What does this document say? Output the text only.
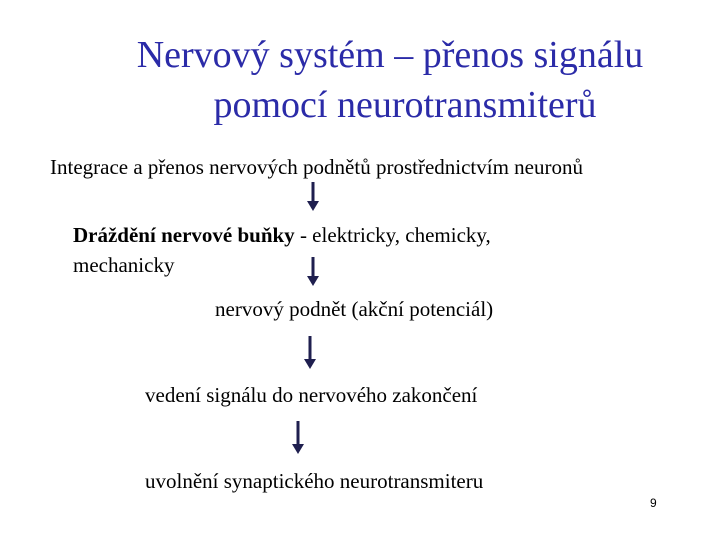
Nervový systém – přenos signálu
pomocí neurotransmiterů
Integrace a přenos nervových podnětů prostřednictvím neuronů
Dráždění nervové buňky - elektricky, chemicky,
mechanicky
nervový podnět (akční potenciál)
vedení signálu do nervového zakončení
uvolnění synaptického neurotransmiteru
9
